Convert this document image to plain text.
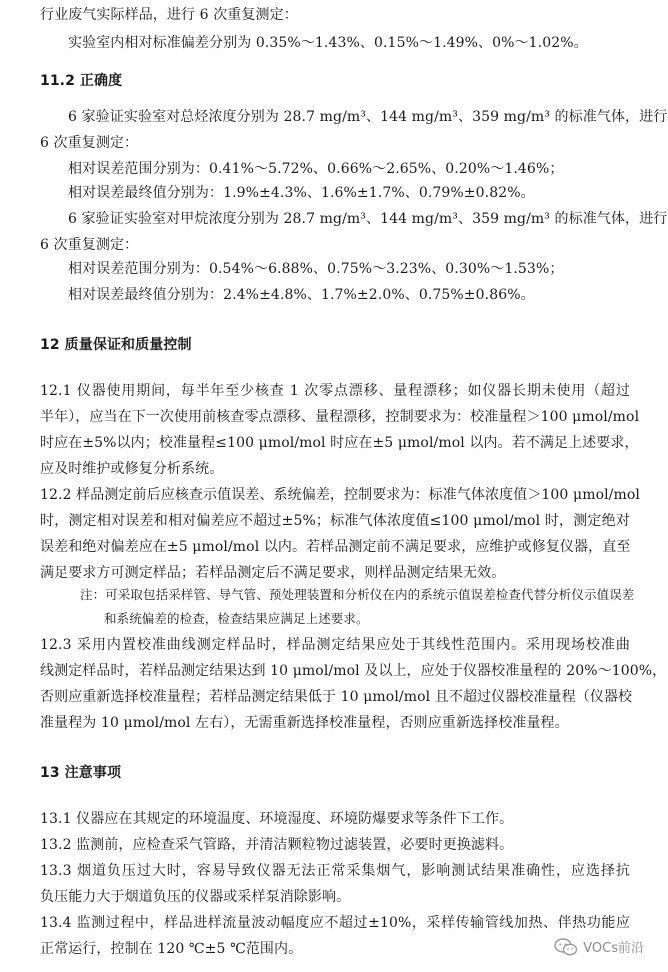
行业废气实际样品，进行 6 次重复测定：
实验室内相对标准偏差分别为 0.35%～1.43%、0.15%～1.49%、0%～1.02%。
11.2 正确度
6 家验证实验室对总烃浓度分别为 28.7 mg/m³、144 mg/m³、359 mg/m³ 的标准气体，进行
6 次重复测定：
相对误差范围分别为：0.41%～5.72%、0.66%～2.65%、0.20%～1.46%；
相对误差最终值分别为：1.9%±4.3%、1.6%±1.7%、0.79%±0.82%。
6 家验证实验室对甲烷浓度分别为 28.7 mg/m³、144 mg/m³、359 mg/m³ 的标准气体，进行
6 次重复测定：
相对误差范围分别为：0.54%～6.88%、0.75%～3.23%、0.30%～1.53%；
相对误差最终值分别为：2.4%±4.8%、1.7%±2.0%、0.75%±0.86%。
12 质量保证和质量控制
12.1 仪器使用期间，每半年至少核查 1 次零点漂移、量程漂移；如仪器长期未使用（超过
半年），应当在下一次使用前核查零点漂移、量程漂移，控制要求为：校准量程＞100 μmol/mol
时应在±5%以内；校准量程≤100 μmol/mol 时应在±5 μmol/mol 以内。若不满足上述要求，
应及时维护或修复分析系统。
12.2 样品测定前后应核查示值误差、系统偏差，控制要求为：标准气体浓度值＞100 μmol/mol
时，测定相对误差和相对偏差应不超过±5%；标准气体浓度值≤100 μmol/mol 时，测定绝对
误差和绝对偏差应在±5 μmol/mol 以内。若样品测定前不满足要求，应维护或修复仪器，直至
满足要求方可测定样品；若样品测定后不满足要求，则样品测定结果无效。
注：可采取包括采样管、导气管、预处理装置和分析仪在内的系统示值误差检查代替分析仪示值误差
和系统偏差的检查，检查结果应满足上述要求。
12.3 采用内置校准曲线测定样品时，样品测定结果应处于其线性范围内。采用现场校准曲
线测定样品时，若样品测定结果达到 10 μmol/mol 及以上，应处于仪器校准量程的 20%～100%，
否则应重新选择校准量程；若样品测定结果低于 10 μmol/mol 且不超过仪器校准量程（仪器校
准量程为 10 μmol/mol 左右），无需重新选择校准量程，否则应重新选择校准量程。
13 注意事项
13.1 仪器应在其规定的环境温度、环境湿度、环境防爆要求等条件下工作。
13.2 监测前，应检查采气管路，并清洁颗粒物过滤装置，必要时更换滤料。
13.3 烟道负压过大时，容易导致仪器无法正常采集烟气，影响测试结果准确性，应选择抗
负压能力大于烟道负压的仪器或采样泵消除影响。
13.4 监测过程中，样品进样流量波动幅度应不超过±10%，采样传输管线加热、伴热功能应
正常运行，控制在 120 ℃±5 ℃范围内。	VOCs前沿
